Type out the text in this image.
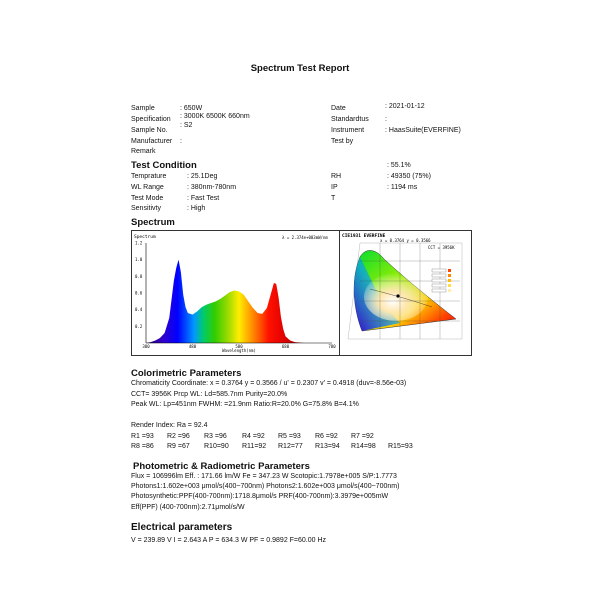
Spectrum Test Report
Sample	: 650W
Specification : 3000K 6500K 660nm
Sample No.
: S2
Manufacturer :
Remark
Date	: 2021-01-12
Standardtus :
Instrument	: HaasSuite(EVERFINE)
Test by
Test Condition	: 55.1%
Temprature	: 25.1Deg
WL Range	: 380nm-780nm
Test Mode	: Fast Test
Sensitivty	: High
RH	: 49350 (75%)
IP	: 1194 ms
T
Spectrum
Spectrum	λ = 2.374e+003mW/nm
0.2
0.4
0.6
0.8
1.0
1.2
380	480	580	680	780
Wavelength(nm)
CIE1931 EVERFINE
x = 0.3764 y = 0.3566
CCT = 3956K
Colorimetric Parameters
Chromaticity Coordinate: x = 0.3764 y = 0.3566 / u' = 0.2307 v' = 0.4918 (duv=-8.56e-03)
CCT= 3956K Prcp WL: Ld=585.7nm Purity=20.0%
Peak WL: Lp=451nm FWHM: =21.9nm Ratio:R=20.0% G=75.8% B=4.1%
Render Index: Ra = 92.4
R1 =93 R2 =96 R3 =96 R4 =92 R5 =93 R6 =92 R7 =92
R8 =86 R9 =67 R10=90 R11=92 R12=77 R13=94 R14=98 R15=93
Photometric & Radiometric Parameters
Flux = 106996lm Eff. : 171.66 lm/W Fe = 347.23 W Scotopic:1.7978e+005 S/P:1.7773
Photons1:1.602e+003 μmol/s(400~700nm) Photons2:1.602e+003 μmol/s(400~700nm)
Photosynthetic:PPF(400-700nm):1718.8μmol/s PRF(400-700nm):3.3979e+005mW
Eff(PPF) (400-700nm):2.71μmol/s/W
Electrical parameters
V = 239.89 V I = 2.643 A P = 634.3 W PF = 0.9892 F=60.00 Hz
